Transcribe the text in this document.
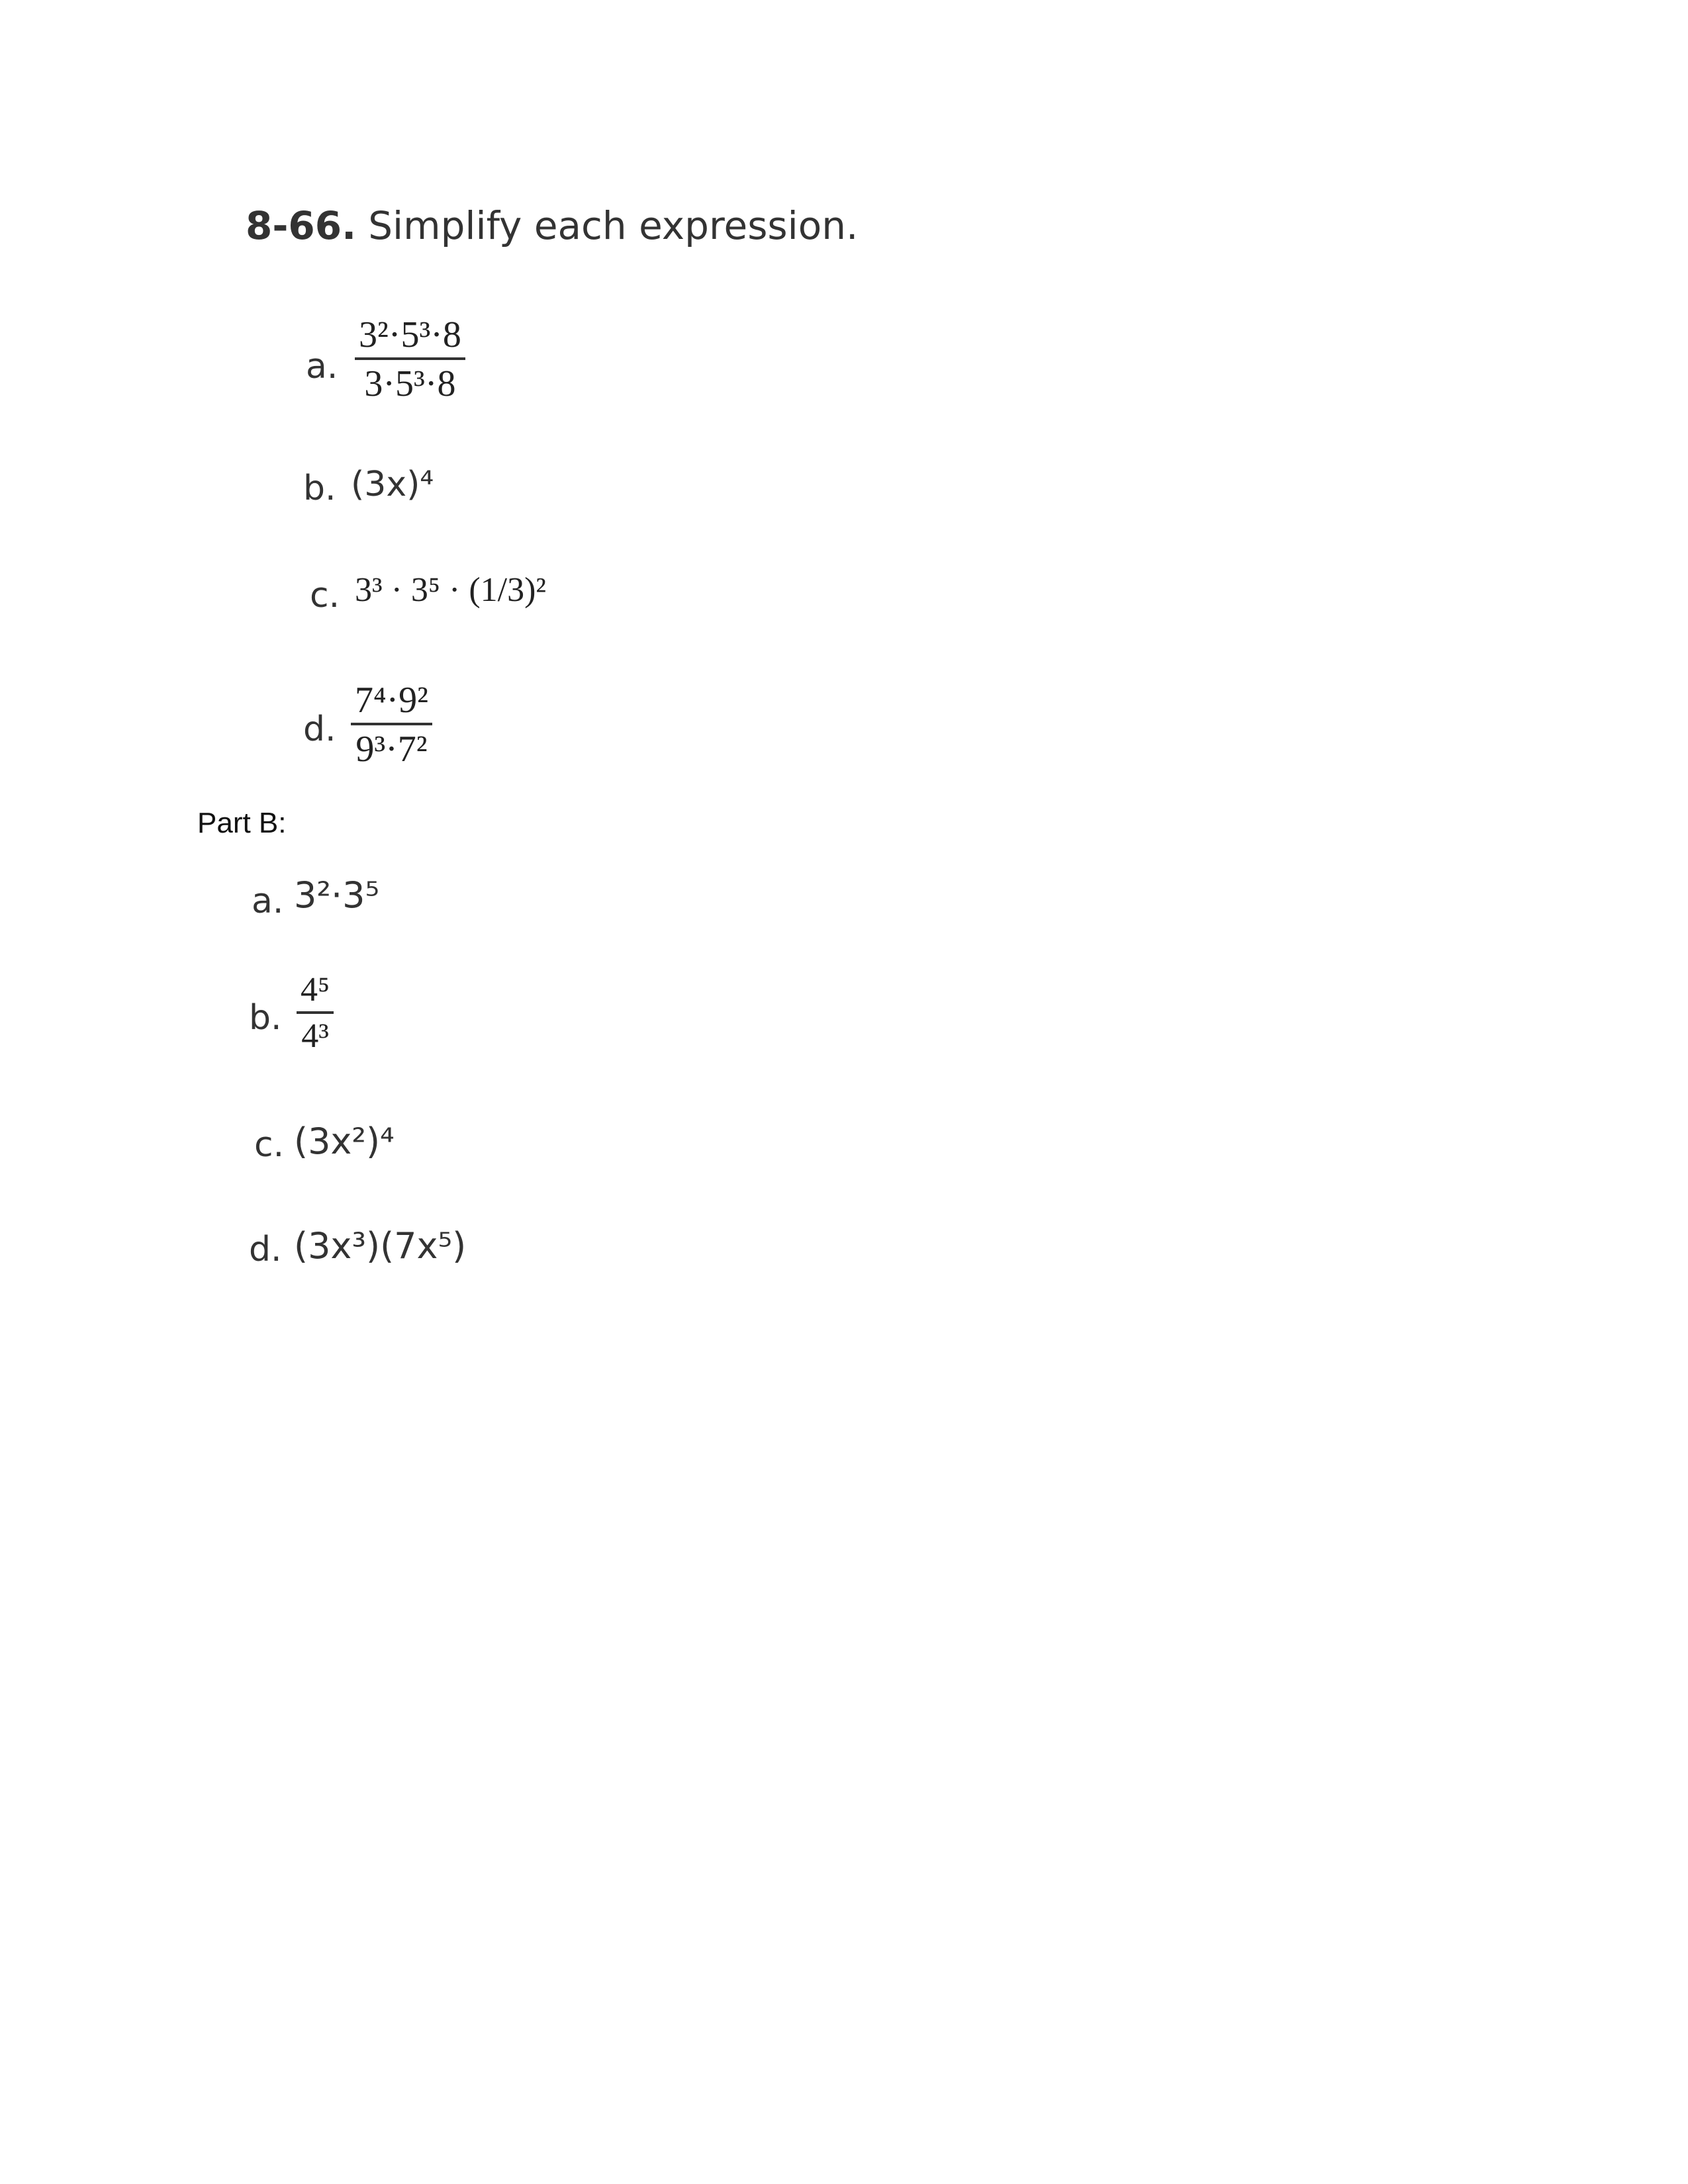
8-66. Simplify each expression.
a. $\frac{\text{3²·5³·8}}{\text{3·5³·8}}$
b. (3x)⁴
c. 3³ · 3⁵ · (1/3)²
d. $\frac{\text{7⁴·9²}}{\text{9³·7²}}$
Part B:
a. 3²·3⁵
b. $\frac{\text{4⁵}}{\text{4³}}$
c. (3x²)⁴
d. (3x³)(7x⁵)
